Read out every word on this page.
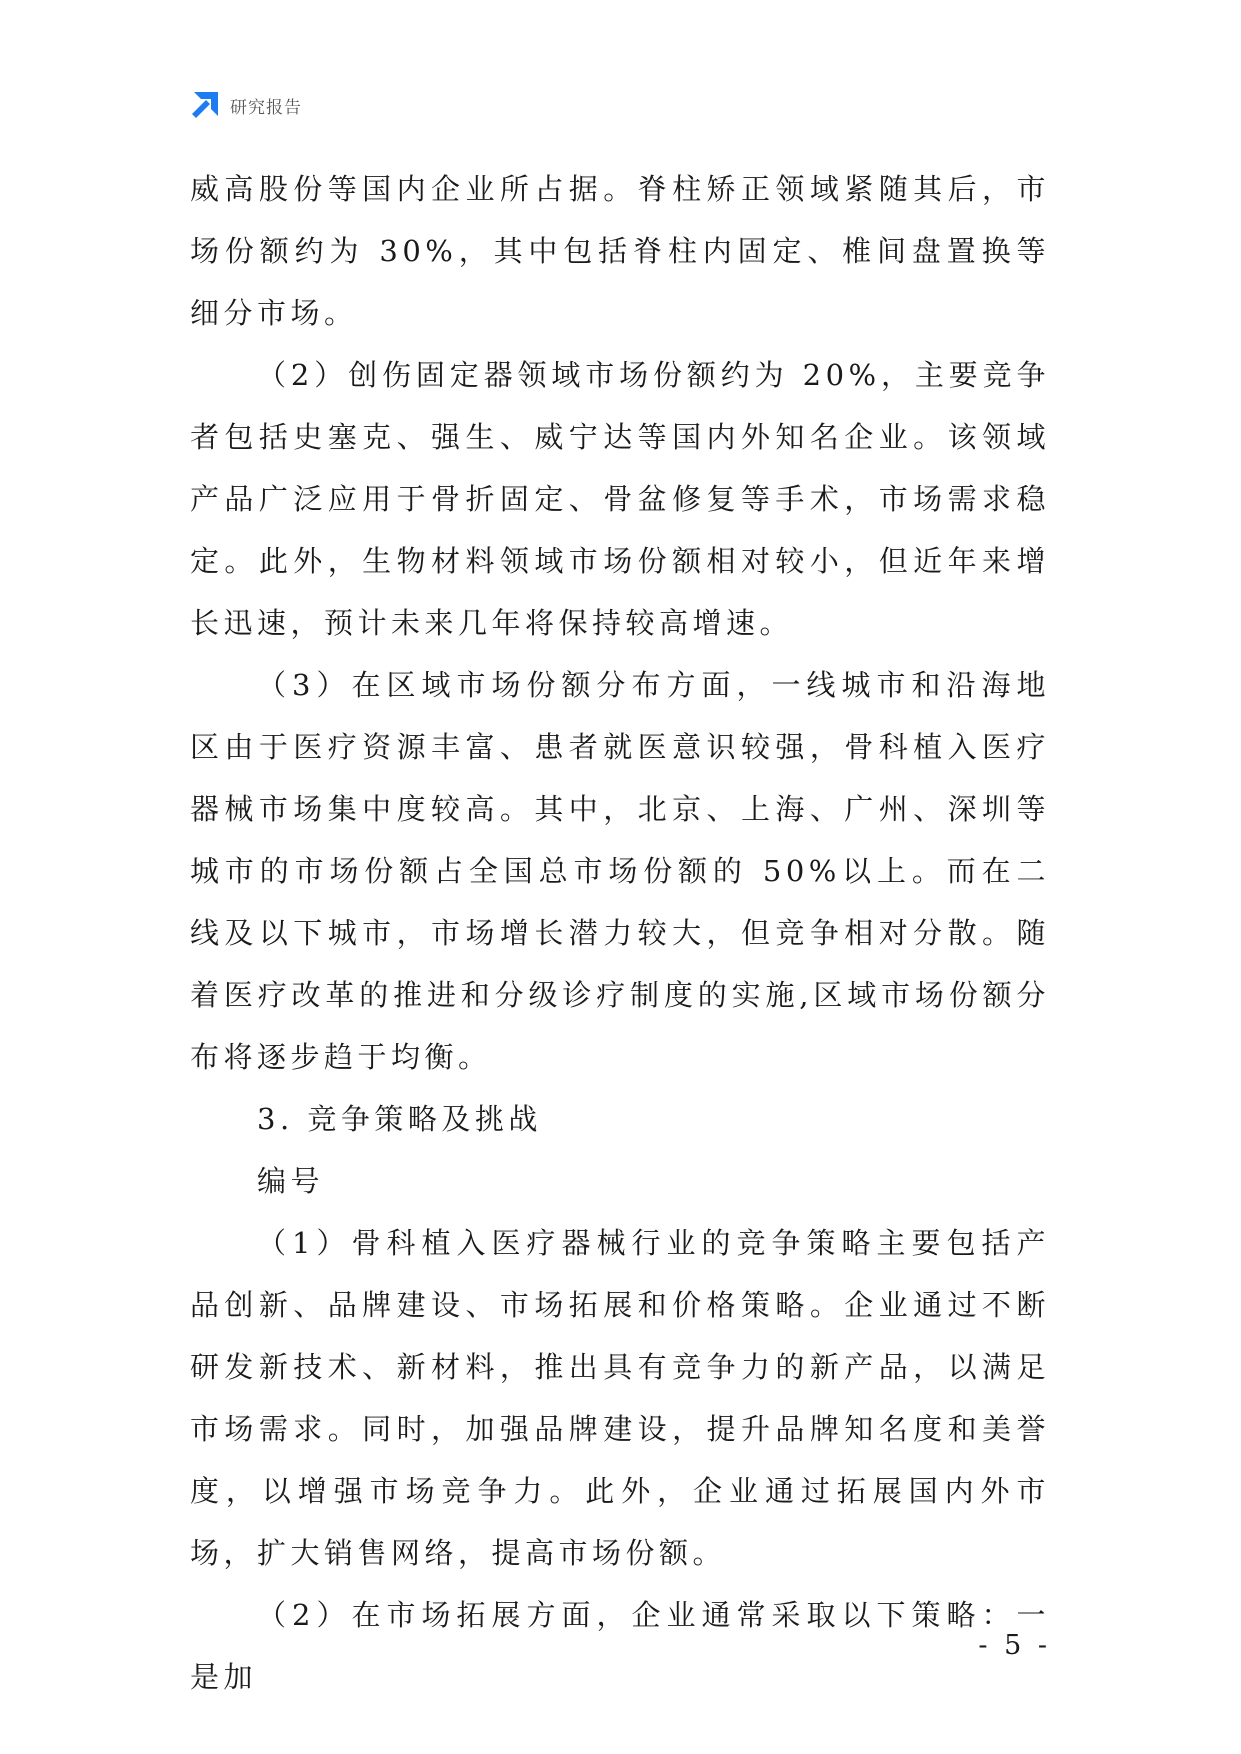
研究报告

威高股份等国内企业所占据。脊柱矫正领域紧随其后，市场份额约为 30%，其中包括脊柱内固定、椎间盘置换等细分市场。

（2）创伤固定器领域市场份额约为 20%，主要竞争者包括史塞克、强生、威宁达等国内外知名企业。该领域产品广泛应用于骨折固定、骨盆修复等手术，市场需求稳定。此外，生物材料领域市场份额相对较小，但近年来增长迅速，预计未来几年将保持较高增速。

（3）在区域市场份额分布方面，一线城市和沿海地区由于医疗资源丰富、患者就医意识较强，骨科植入医疗器械市场集中度较高。其中，北京、上海、广州、深圳等城市的市场份额占全国总市场份额的 50%以上。而在二线及以下城市，市场增长潜力较大，但竞争相对分散。随着医疗改革的推进和分级诊疗制度的实施,区域市场份额分布将逐步趋于均衡。

3. 竞争策略及挑战

编号

（1）骨科植入医疗器械行业的竞争策略主要包括产品创新、品牌建设、市场拓展和价格策略。企业通过不断研发新技术、新材料，推出具有竞争力的新产品，以满足市场需求。同时，加强品牌建设，提升品牌知名度和美誉度，以增强市场竞争力。此外，企业通过拓展国内外市场，扩大销售网络，提高市场份额。

（2）在市场拓展方面，企业通常采取以下策略：一是加

- 5 -
